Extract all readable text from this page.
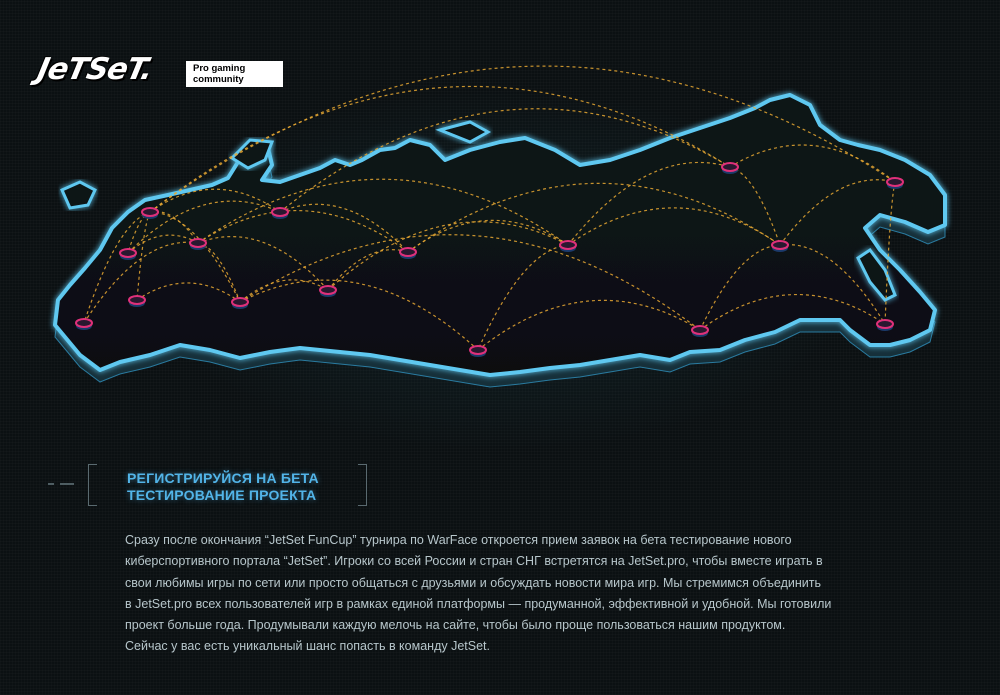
JeTSeT.	Pro gaming
community
РЕГИСТРИРУЙСЯ НА БЕТА
ТЕСТИРОВАНИЕ ПРОЕКТА
Сразу после окончания “JetSet FunCup” турнира по WarFace откроется прием заявок на бета тестирование нового
киберспортивного портала “JetSet”. Игроки со всей России и стран СНГ встретятся на JetSet.pro, чтобы вместе играть в
свои любимы игры по сети или просто общаться с друзьями и обсуждать новости мира игр. Мы стремимся объединить
в JetSet.pro всех пользователей игр в рамках единой платформы — продуманной, эффективной и удобной. Мы готовили
проект больше года. Продумывали каждую мелочь на сайте, чтобы было проще пользоваться нашим продуктом.
Сейчас у вас есть уникальный шанс попасть в команду JetSet.
